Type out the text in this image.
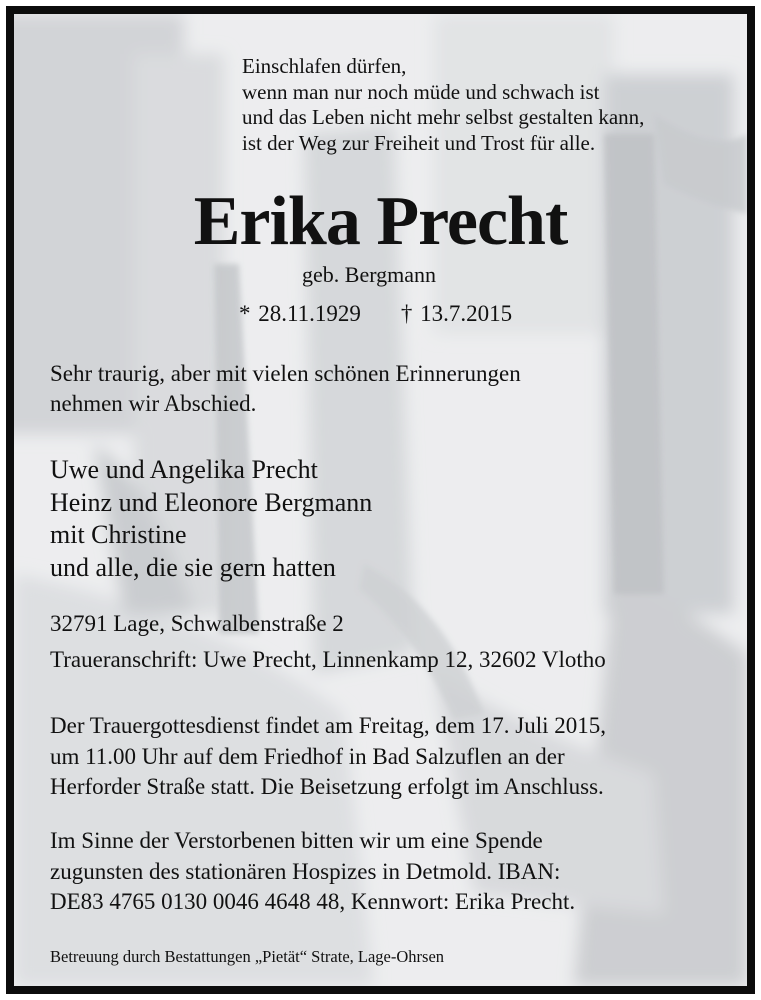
Einschlafen dürfen,
wenn man nur noch müde und schwach ist
und das Leben nicht mehr selbst gestalten kann,
ist der Weg zur Freiheit und Trost für alle.
Erika Precht
geb. Bergmann
* 28.11.1929 † 13.7.2015
Sehr traurig, aber mit vielen schönen Erinnerungen
nehmen wir Abschied.
Uwe und Angelika Precht
Heinz und Eleonore Bergmann
mit Christine
und alle, die sie gern hatten
32791 Lage, Schwalbenstraße 2
Traueranschrift: Uwe Precht, Linnenkamp 12, 32602 Vlotho
Der Trauergottesdienst findet am Freitag, dem 17. Juli 2015,
um 11.00 Uhr auf dem Friedhof in Bad Salzuflen an der
Herforder Straße statt. Die Beisetzung erfolgt im Anschluss.
Im Sinne der Verstorbenen bitten wir um eine Spende
zugunsten des stationären Hospizes in Detmold. IBAN:
DE83 4765 0130 0046 4648 48, Kennwort: Erika Precht.
Betreuung durch Bestattungen „Pietät“ Strate, Lage-Ohrsen
